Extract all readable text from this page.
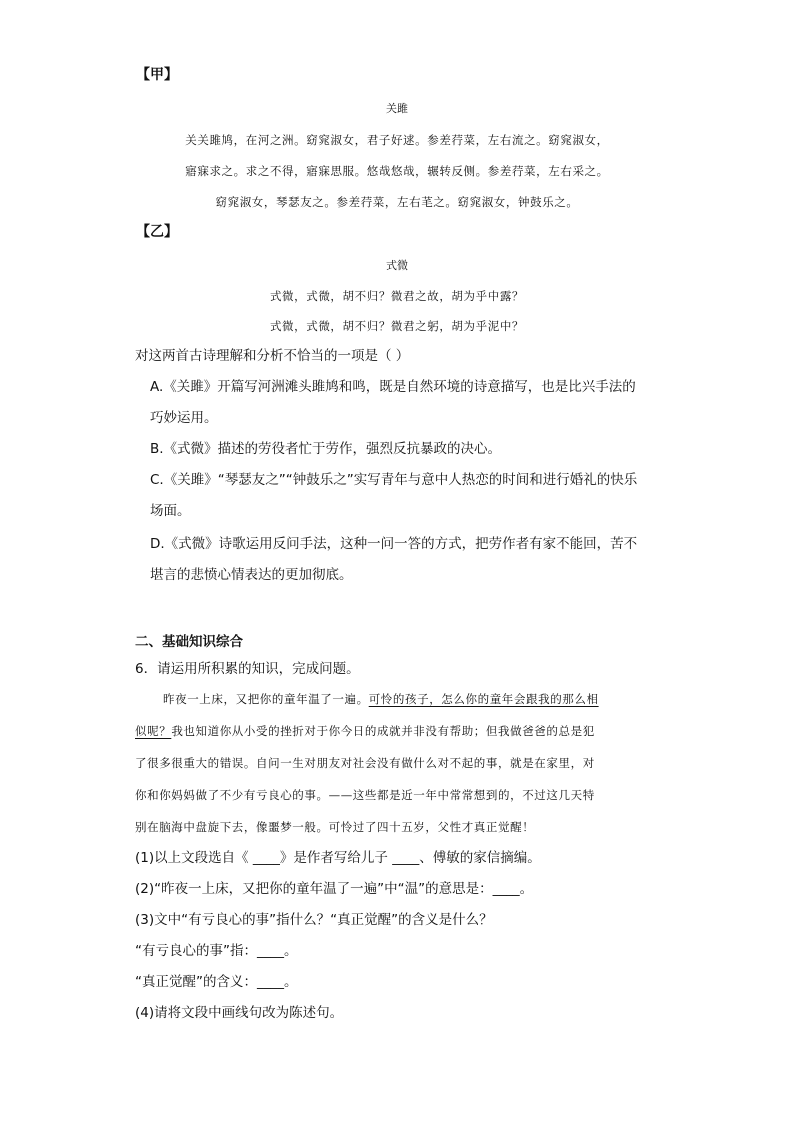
【甲】
关雎
关关雎鸠，在河之洲。窈窕淑女，君子好逑。参差荇菜，左右流之。窈窕淑女，
寤寐求之。求之不得，寤寐思服。悠哉悠哉，辗转反侧。参差荇菜，左右采之。
窈窕淑女，琴瑟友之。参差荇菜，左右芼之。窈窕淑女，钟鼓乐之。
【乙】
式微
式微，式微，胡不归？微君之故，胡为乎中露？
式微，式微，胡不归？微君之躬，胡为乎泥中？
对这两首古诗理解和分析不恰当的一项是（ ）
A.《关雎》开篇写河洲滩头雎鸠和鸣，既是自然环境的诗意描写，也是比兴手法的
巧妙运用。
B.《式微》描述的劳役者忙于劳作，强烈反抗暴政的决心。
C.《关雎》“琴瑟友之”“钟鼓乐之”实写青年与意中人热恋的时间和进行婚礼的快乐
场面。
D.《式微》诗歌运用反问手法，这种一问一答的方式，把劳作者有家不能回，苦不
堪言的悲愤心情表达的更加彻底。
二、基础知识综合
6．请运用所积累的知识，完成问题。
昨夜一上床，又把你的童年温了一遍。可怜的孩子，怎么你的童年会跟我的那么相
似呢？我也知道你从小受的挫折对于你今日的成就并非没有帮助；但我做爸爸的总是犯
了很多很重大的错误。自问一生对朋友对社会没有做什么对不起的事，就是在家里，对
你和你妈妈做了不少有亏良心的事。——这些都是近一年中常常想到的，不过这几天特
别在脑海中盘旋下去，像噩梦一般。可怜过了四十五岁，父性才真正觉醒！
(1)以上文段选自《 ____》是作者写给儿子 ____、傅敏的家信摘编。
(2)“昨夜一上床，又把你的童年温了一遍”中“温”的意思是：____。
(3)文中“有亏良心的事”指什么？“真正觉醒”的含义是什么？
“有亏良心的事”指：____。
“真正觉醒”的含义：____。
(4)请将文段中画线句改为陈述句。
